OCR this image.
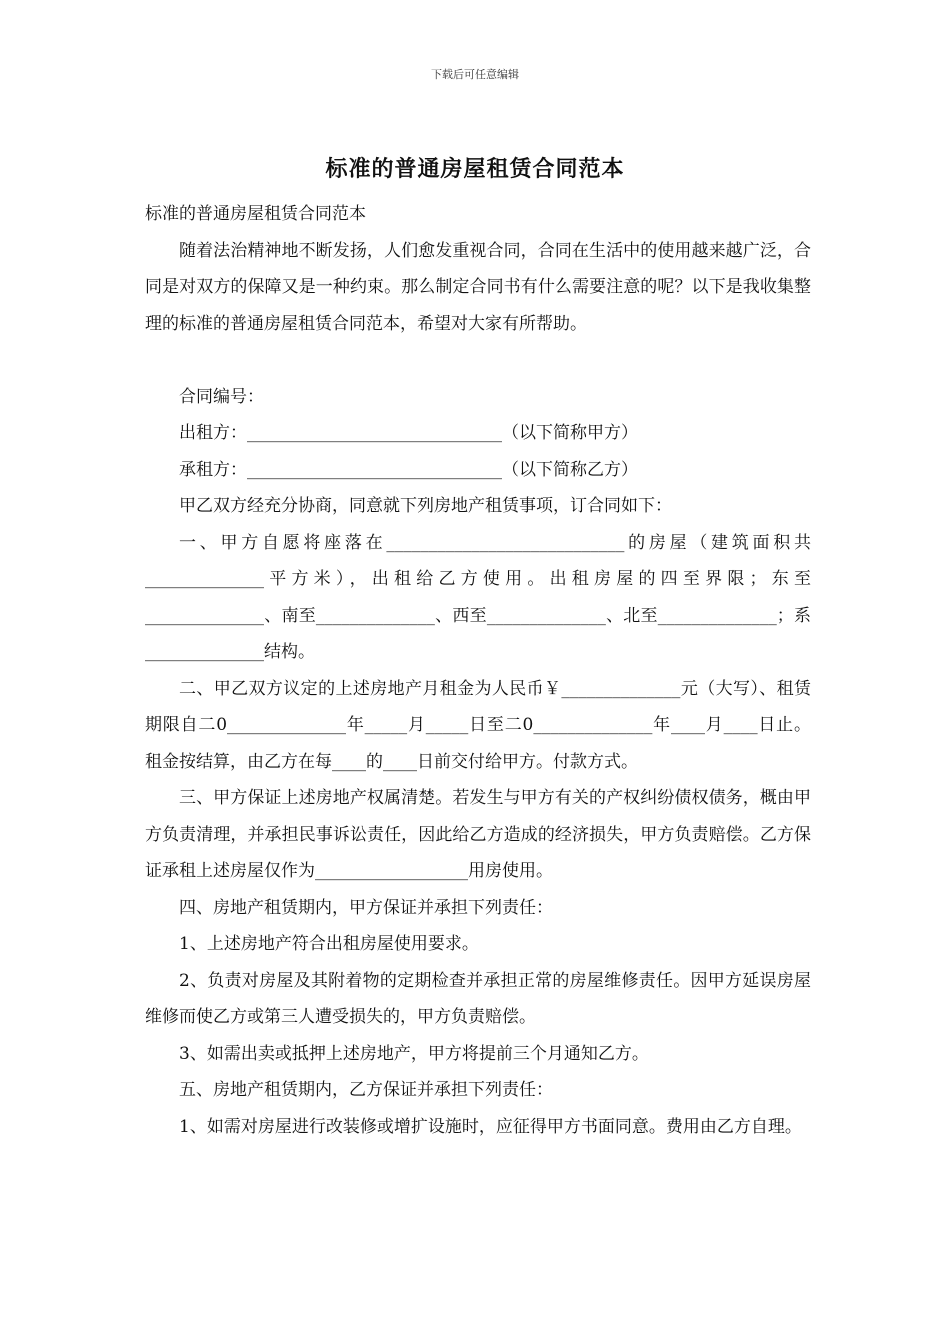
下载后可任意编辑
标准的普通房屋租赁合同范本

标准的普通房屋租赁合同范本

随着法治精神地不断发扬，人们愈发重视合同，合同在生活中的使用越来越广泛，合同是对双方的保障又是一种约束。那么制定合同书有什么需要注意的呢？以下是我收集整理的标准的普通房屋租赁合同范本，希望对大家有所帮助。

合同编号：

出租方：______________________________（以下简称甲方）

承租方：______________________________（以下简称乙方）

甲乙双方经充分协商，同意就下列房地产租赁事项，订合同如下：

一、甲方自愿将座落在____________________________的房屋（建筑面积共______________平方米），出租给乙方使用。出租房屋的四至界限；东至______________、南至______________、西至______________、北至______________；系______________结构。

二、甲乙双方议定的上述房地产月租金为人民币￥______________元（大写）、租赁期限自二0______________年_____月_____日至二0______________年____月____日止。租金按结算，由乙方在每____的____日前交付给甲方。付款方式。

三、甲方保证上述房地产权属清楚。若发生与甲方有关的产权纠纷债权债务，概由甲方负责清理，并承担民事诉讼责任，因此给乙方造成的经济损失，甲方负责赔偿。乙方保证承租上述房屋仅作为__________________用房使用。

四、房地产租赁期内，甲方保证并承担下列责任：

1、上述房地产符合出租房屋使用要求。

2、负责对房屋及其附着物的定期检查并承担正常的房屋维修责任。因甲方延误房屋维修而使乙方或第三人遭受损失的，甲方负责赔偿。

3、如需出卖或抵押上述房地产，甲方将提前三个月通知乙方。

五、房地产租赁期内，乙方保证并承担下列责任：

1、如需对房屋进行改装修或增扩设施时，应征得甲方书面同意。费用由乙方自理。
